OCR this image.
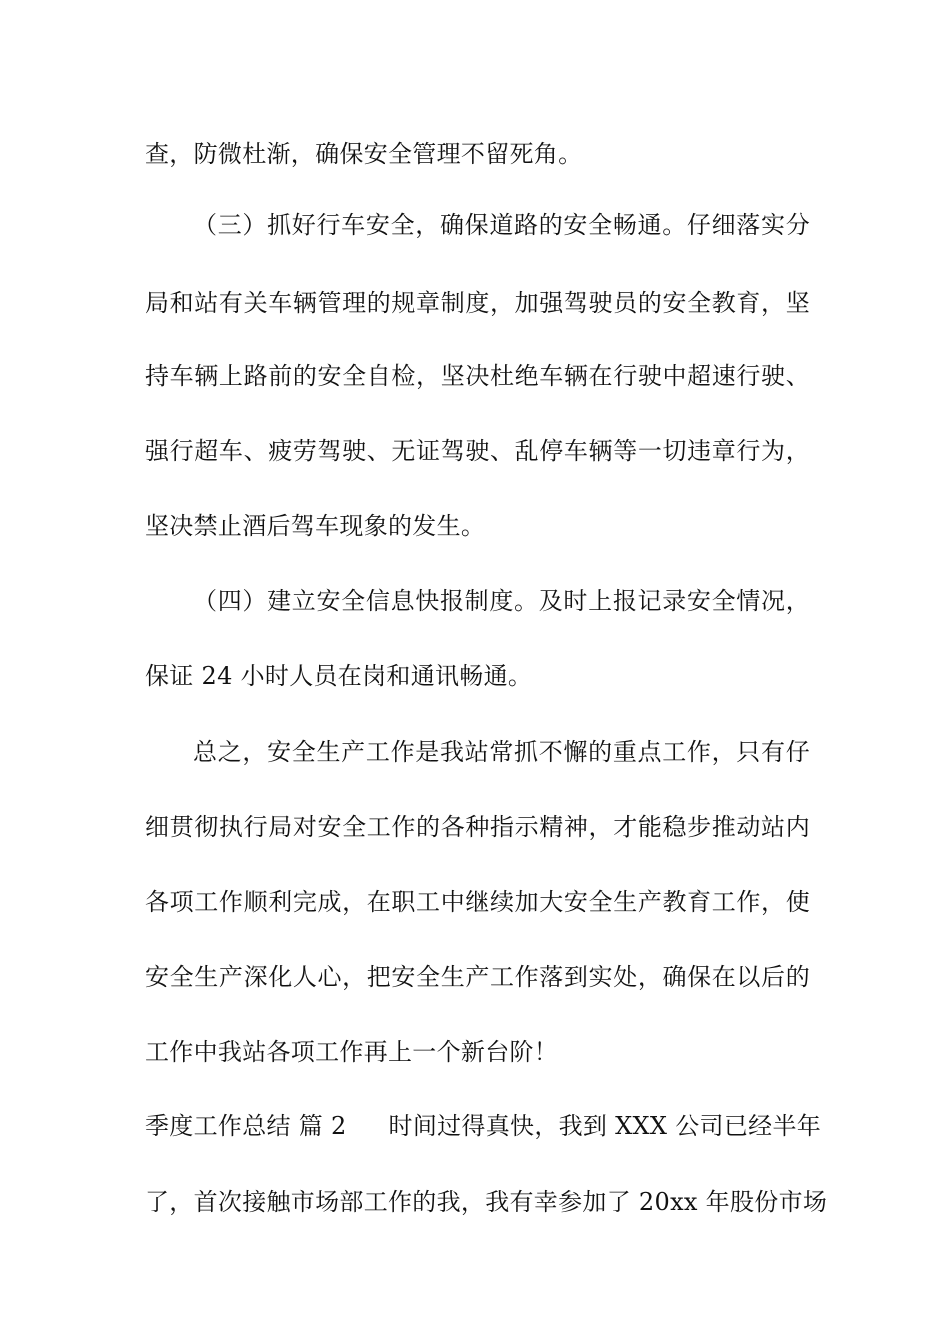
查，防微杜渐，确保安全管理不留死角。
（三）抓好行车安全，确保道路的安全畅通。仔细落实分
局和站有关车辆管理的规章制度，加强驾驶员的安全教育，坚
持车辆上路前的安全自检，坚决杜绝车辆在行驶中超速行驶、
强行超车、疲劳驾驶、无证驾驶、乱停车辆等一切违章行为，
坚决禁止酒后驾车现象的发生。
（四）建立安全信息快报制度。及时上报记录安全情况，
保证 24 小时人员在岗和通讯畅通。
总之，安全生产工作是我站常抓不懈的重点工作，只有仔
细贯彻执行局对安全工作的各种指示精神，才能稳步推动站内
各项工作顺利完成，在职工中继续加大安全生产教育工作，使
安全生产深化人心，把安全生产工作落到实处，确保在以后的
工作中我站各项工作再上一个新台阶！
季度工作总结 篇 2 时间过得真快，我到 XXX 公司已经半年
了，首次接触市场部工作的我，我有幸参加了 20xx 年股份市场
